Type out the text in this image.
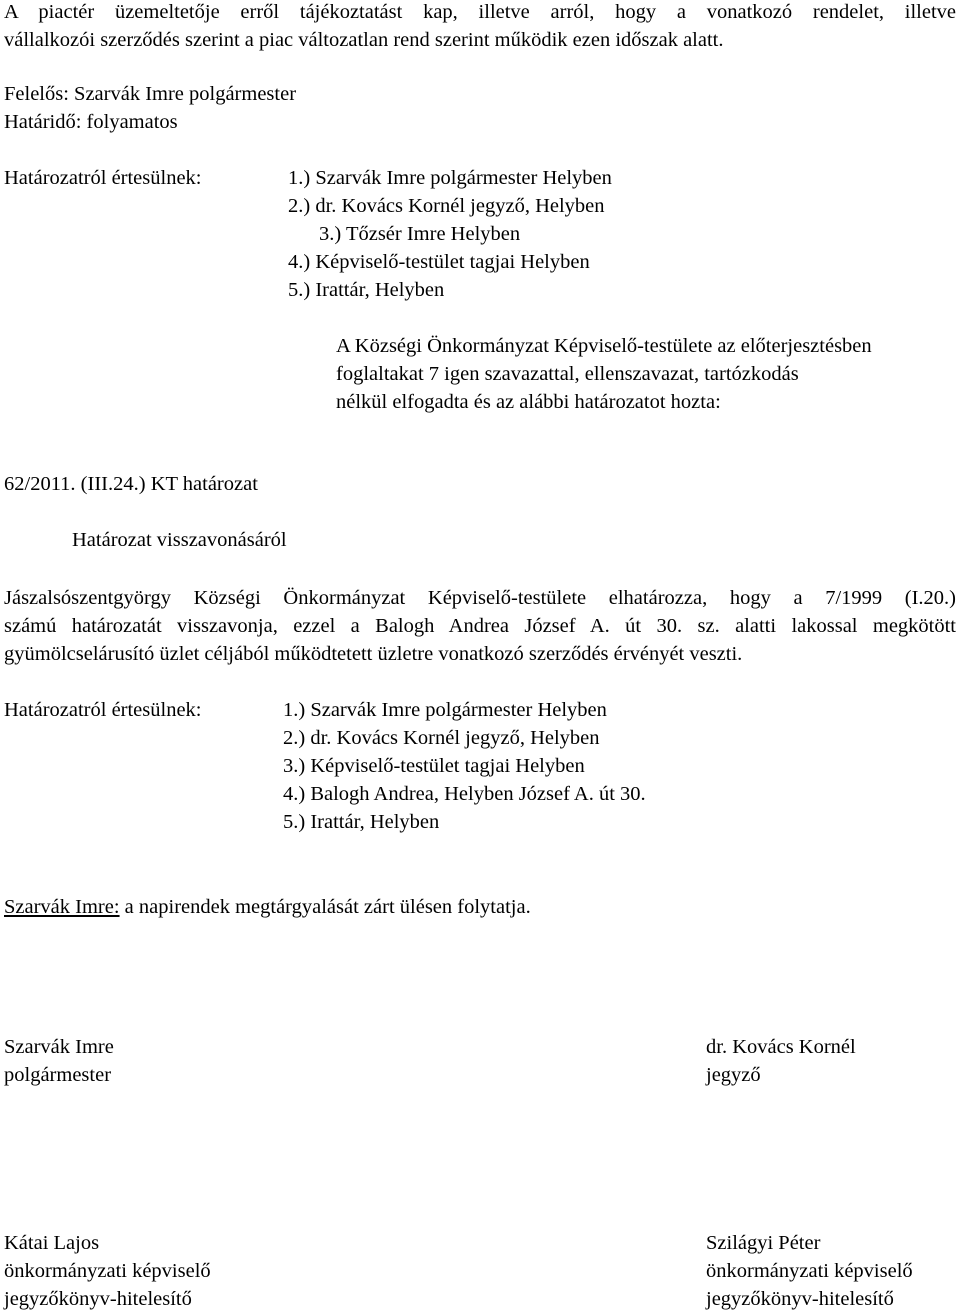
A piactér üzemeltetője erről tájékoztatást kap, illetve arról, hogy a vonatkozó rendelet, illetve
vállalkozói szerződés szerint a piac változatlan rend szerint működik ezen időszak alatt.
Felelős: Szarvák Imre polgármester
Határidő: folyamatos
Határozatról értesülnek:	1.) Szarvák Imre polgármester Helyben
2.) dr. Kovács Kornél jegyző, Helyben
3.) Tőzsér Imre Helyben
4.) Képviselő-testület tagjai Helyben
5.) Irattár, Helyben
A Községi Önkormányzat Képviselő-testülete az előterjesztésben
foglaltakat 7 igen szavazattal, ellenszavazat, tartózkodás
nélkül elfogadta és az alábbi határozatot hozta:
62/2011. (III.24.) KT határozat
Határozat visszavonásáról
Jászalsószentgyörgy Községi Önkormányzat Képviselő-testülete elhatározza, hogy a 7/1999 (I.20.)
számú határozatát visszavonja, ezzel a Balogh Andrea József A. út 30. sz. alatti lakossal megkötött
gyümölcselárusító üzlet céljából működtetett üzletre vonatkozó szerződés érvényét veszti.
Határozatról értesülnek:	1.) Szarvák Imre polgármester Helyben
2.) dr. Kovács Kornél jegyző, Helyben
3.) Képviselő-testület tagjai Helyben
4.) Balogh Andrea, Helyben József A. út 30.
5.) Irattár, Helyben
Szarvák Imre: a napirendek megtárgyalását zárt ülésen folytatja.
Szarvák Imre
polgármester
dr. Kovács Kornél
jegyző
Kátai Lajos
önkormányzati képviselő
jegyzőkönyv-hitelesítő
Szilágyi Péter
önkormányzati képviselő
jegyzőkönyv-hitelesítő
